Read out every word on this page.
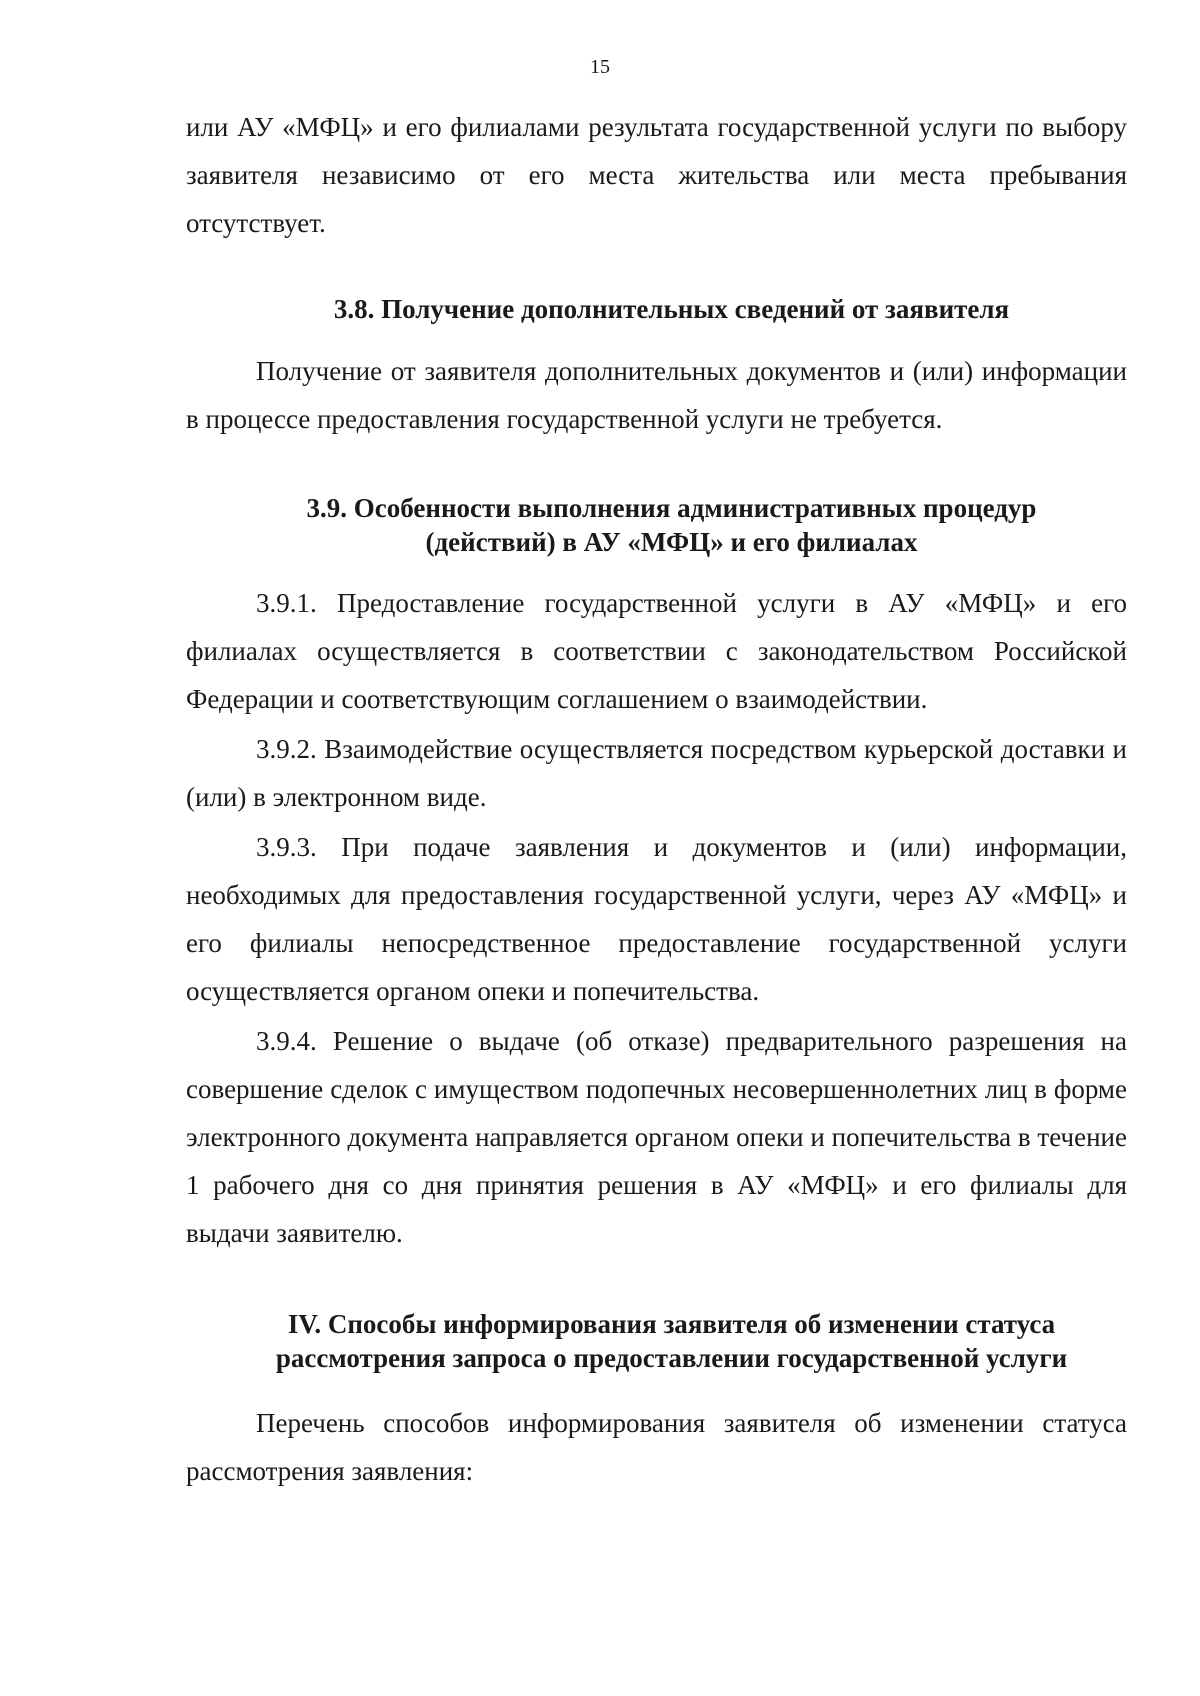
15

или АУ «МФЦ» и его филиалами результата государственной услуги по выбору заявителя независимо от его места жительства или места пребывания отсутствует.

3.8. Получение дополнительных сведений от заявителя

Получение от заявителя дополнительных документов и (или) информации в процессе предоставления государственной услуги не требуется.

3.9. Особенности выполнения административных процедур
(действий) в АУ «МФЦ» и его филиалах

3.9.1. Предоставление государственной услуги в АУ «МФЦ» и его филиалах осуществляется в соответствии с законодательством Российской Федерации и соответствующим соглашением о взаимодействии.

3.9.2. Взаимодействие осуществляется посредством курьерской доставки и (или) в электронном виде.

3.9.3. При подаче заявления и документов и (или) информации, необходимых для предоставления государственной услуги, через АУ «МФЦ» и его филиалы непосредственное предоставление государственной услуги осуществляется органом опеки и попечительства.

3.9.4. Решение о выдаче (об отказе) предварительного разрешения на совершение сделок с имуществом подопечных несовершеннолетних лиц в форме электронного документа направляется органом опеки и попечительства в течение 1 рабочего дня со дня принятия решения в АУ «МФЦ» и его филиалы для выдачи заявителю.

IV. Способы информирования заявителя об изменении статуса
рассмотрения запроса о предоставлении государственной услуги

Перечень способов информирования заявителя об изменении статуса рассмотрения заявления:
